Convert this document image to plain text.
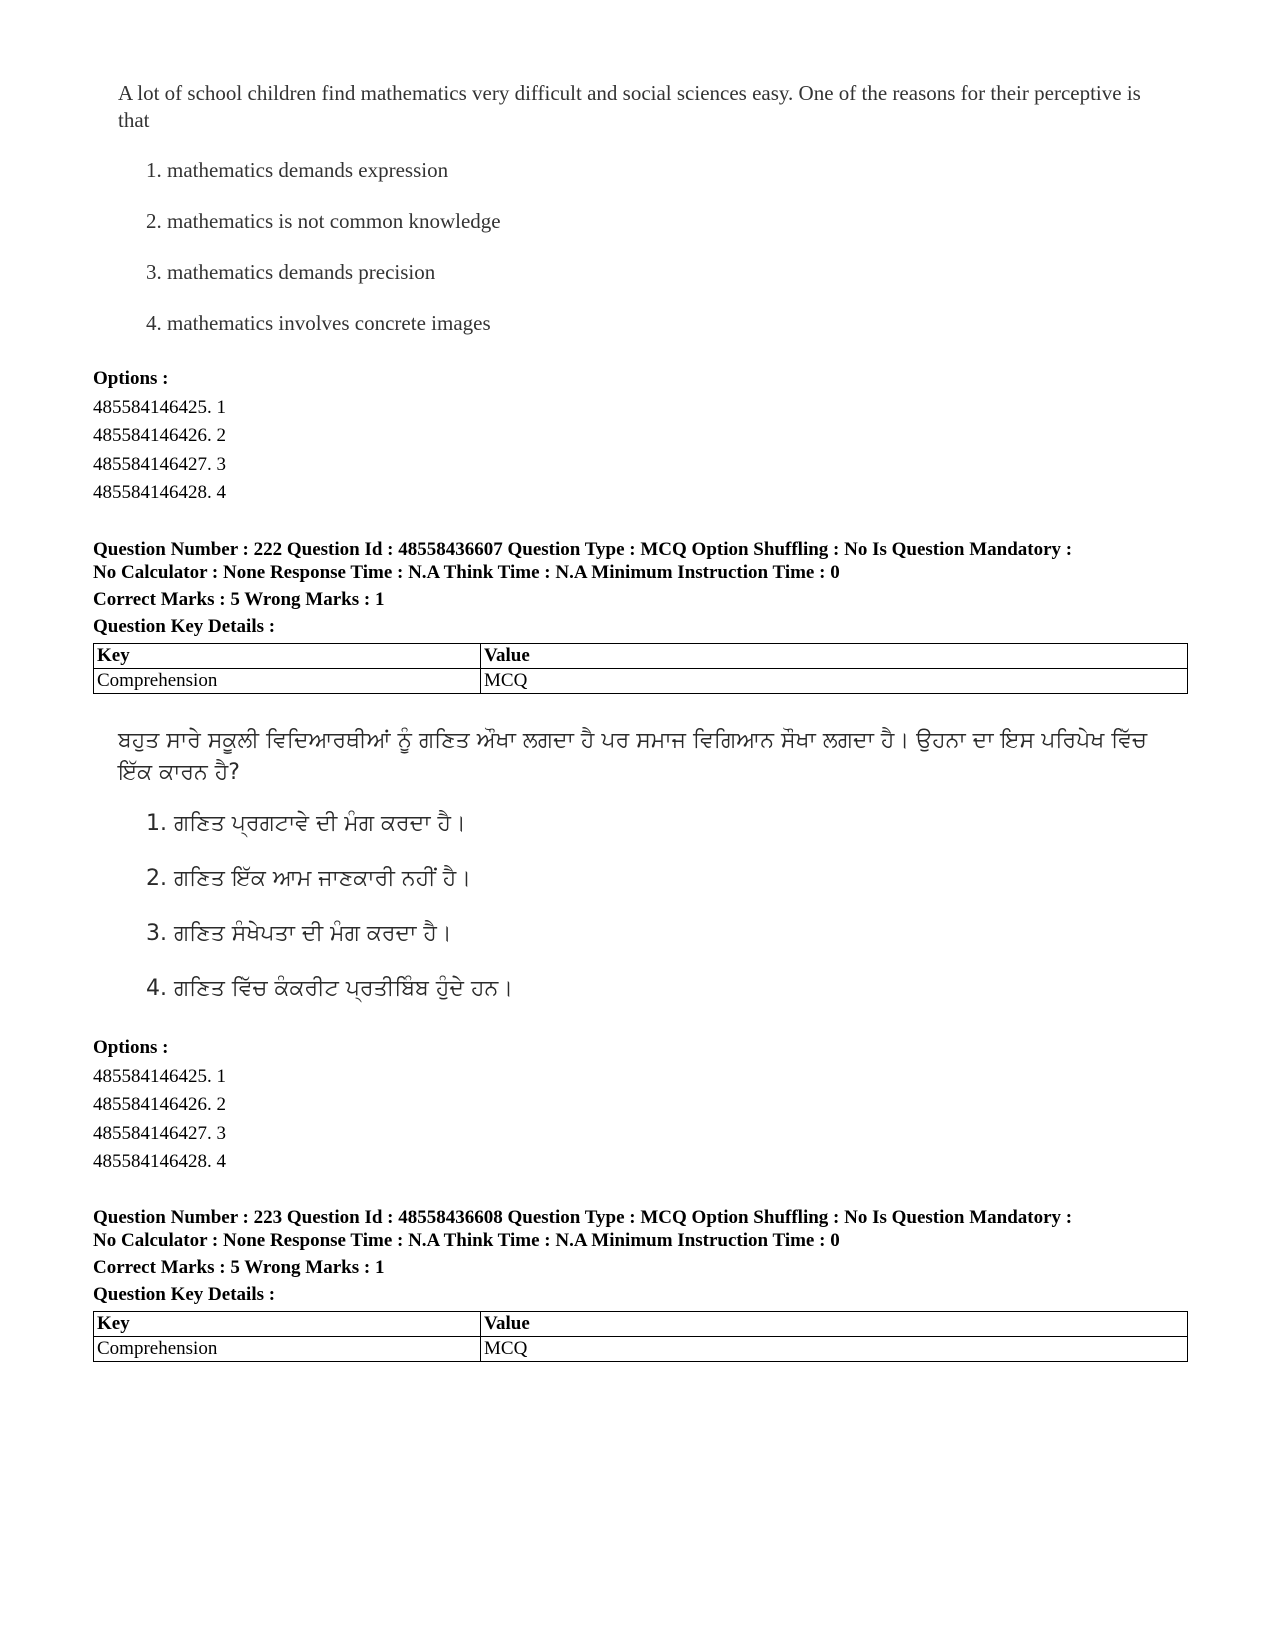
A lot of school children find mathematics very difficult and social sciences easy. One of the reasons for their perceptive is that

1. mathematics demands expression
2. mathematics is not common knowledge
3. mathematics demands precision
4. mathematics involves concrete images
Options :
485584146425. 1
485584146426. 2
485584146427. 3
485584146428. 4
Question Number : 222 Question Id : 48558436607 Question Type : MCQ Option Shuffling : No Is Question Mandatory :
No Calculator : None Response Time : N.A Think Time : N.A Minimum Instruction Time : 0
Correct Marks : 5 Wrong Marks : 1
Question Key Details :
Key	Value
Comprehension	MCQ

ਬਹੁਤ ਸਾਰੇ ਸਕੂਲੀ ਵਿਦਿਆਰਥੀਆਂ ਨੂੰ ਗਣਿਤ ਔਖਾ ਲਗਦਾ ਹੈ ਪਰ ਸਮਾਜ ਵਿਗਿਆਨ ਸੌਖਾ ਲਗਦਾ ਹੈ। ਉਹਨਾ ਦਾ ਇਸ ਪਰਿਪੇਖ ਵਿੱਚ ਇੱਕ ਕਾਰਨ ਹੈ?

1. ਗਣਿਤ ਪ੍ਰਗਟਾਵੇ ਦੀ ਮੰਗ ਕਰਦਾ ਹੈ।
2. ਗਣਿਤ ਇੱਕ ਆਮ ਜਾਣਕਾਰੀ ਨਹੀਂ ਹੈ।
3. ਗਣਿਤ ਸੰਖੇਪਤਾ ਦੀ ਮੰਗ ਕਰਦਾ ਹੈ।
4. ਗਣਿਤ ਵਿੱਚ ਕੰਕਰੀਟ ਪ੍ਰਤੀਬਿੰਬ ਹੁੰਦੇ ਹਨ।
Options :
485584146425. 1
485584146426. 2
485584146427. 3
485584146428. 4
Question Number : 223 Question Id : 48558436608 Question Type : MCQ Option Shuffling : No Is Question Mandatory :
No Calculator : None Response Time : N.A Think Time : N.A Minimum Instruction Time : 0
Correct Marks : 5 Wrong Marks : 1
Question Key Details :
Key	Value
Comprehension	MCQ
